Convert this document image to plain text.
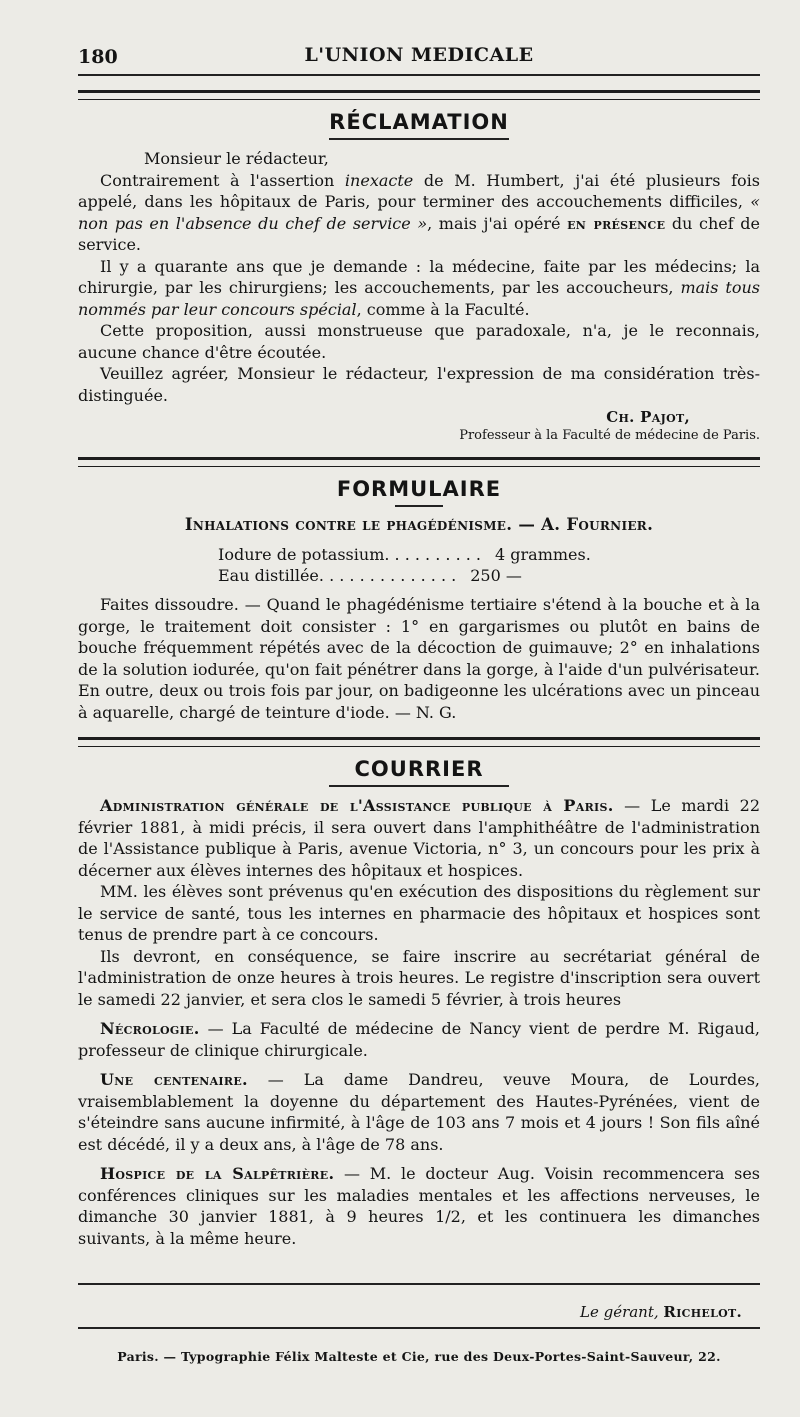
180	L'UNION MEDICALE
RÉCLAMATION

Monsieur le rédacteur,

Contrairement à l'assertion inexacte de M. Humbert, j'ai été plusieurs fois appelé, dans les hôpitaux de Paris, pour terminer des accouchements difficiles, « non pas en l'absence du chef de service », mais j'ai opéré en présence du chef de service.

Il y a quarante ans que je demande : la médecine, faite par les médecins; la chirurgie, par les chirurgiens; les accouchements, par les accoucheurs, mais tous nommés par leur concours spécial, comme à la Faculté.

Cette proposition, aussi monstrueuse que paradoxale, n'a, je le reconnais, aucune chance d'être écoutée.

Veuillez agréer, Monsieur le rédacteur, l'expression de ma considération très-distinguée.

Ch. Pajot,
Professeur à la Faculté de médecine de Paris.
FORMULAIRE
Inhalations contre le phagédénisme. — A. Fournier.
Iodure de potassium . . . . . . . . . . 4 grammes.
Eau distillée . . . . . . . . . . . . . . 250 —

Faites dissoudre. — Quand le phagédénisme tertiaire s'étend à la bouche et à la gorge, le traitement doit consister : 1° en gargarismes ou plutôt en bains de bouche fréquemment répétés avec de la décoction de guimauve; 2° en inhalations de la solution iodurée, qu'on fait pénétrer dans la gorge, à l'aide d'un pulvérisateur. En outre, deux ou trois fois par jour, on badigeonne les ulcérations avec un pinceau à aquarelle, chargé de teinture d'iode. — N. G.

COURRIER

Administration générale de l'Assistance publique à Paris. — Le mardi 22 février 1881, à midi précis, il sera ouvert dans l'amphithéâtre de l'administration de l'Assistance publique à Paris, avenue Victoria, n° 3, un concours pour les prix à décerner aux élèves internes des hôpitaux et hospices.

MM. les élèves sont prévenus qu'en exécution des dispositions du règlement sur le service de santé, tous les internes en pharmacie des hôpitaux et hospices sont tenus de prendre part à ce concours.

Ils devront, en conséquence, se faire inscrire au secrétariat général de l'administration de onze heures à trois heures. Le registre d'inscription sera ouvert le samedi 22 janvier, et sera clos le samedi 5 février, à trois heures

Nécrologie. — La Faculté de médecine de Nancy vient de perdre M. Rigaud, professeur de clinique chirurgicale.

Une centenaire. — La dame Dandreu, veuve Moura, de Lourdes, vraisemblablement la doyenne du département des Hautes-Pyrénées, vient de s'éteindre sans aucune infirmité, à l'âge de 103 ans 7 mois et 4 jours ! Son fils aîné est décédé, il y a deux ans, à l'âge de 78 ans.

Hospice de la Salpêtrière. — M. le docteur Aug. Voisin recommencera ses conférences cliniques sur les maladies mentales et les affections nerveuses, le dimanche 30 janvier 1881, à 9 heures 1/2, et les continuera les dimanches suivants, à la même heure.

Le gérant, Richelot.
Paris. — Typographie Félix Malteste et Cie, rue des Deux-Portes-Saint-Sauveur, 22.
